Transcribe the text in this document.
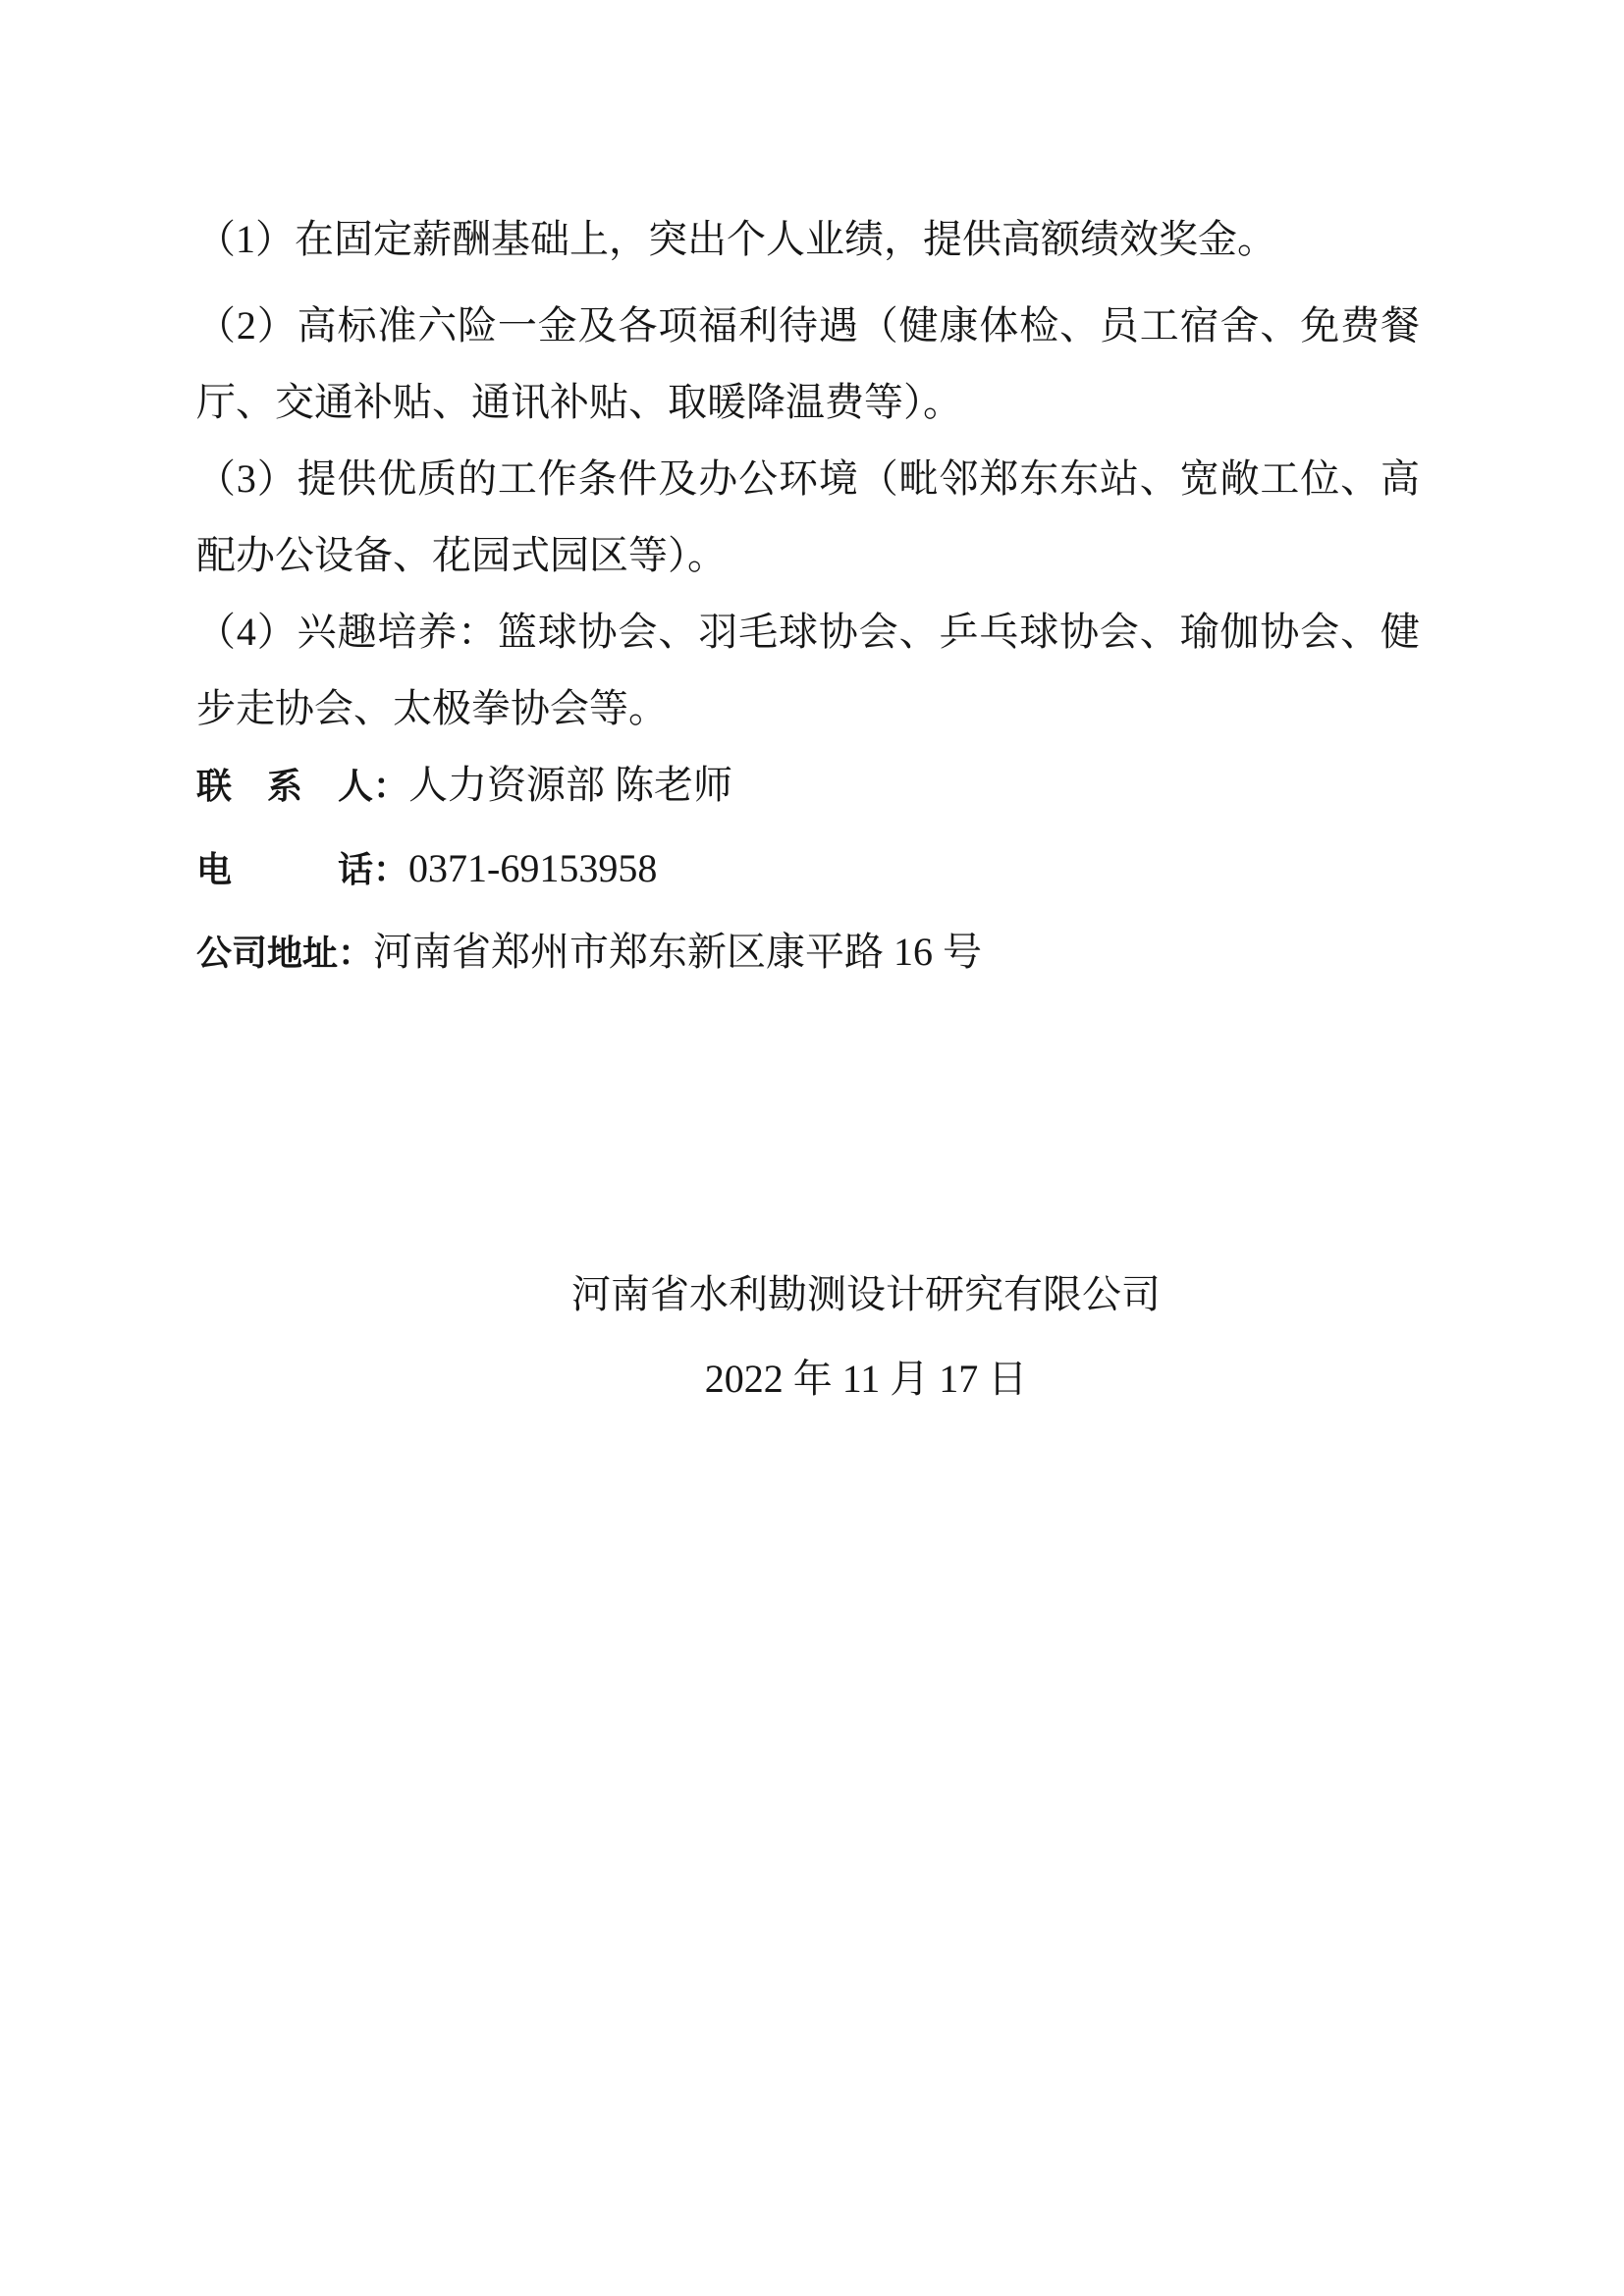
（1）在固定薪酬基础上，突出个人业绩，提供高额绩效奖金。

（2）高标准六险一金及各项福利待遇（健康体检、员工宿舍、免费餐厅、交通补贴、通讯补贴、取暖降温费等）。

（3）提供优质的工作条件及办公环境（毗邻郑东东站、宽敞工位、高配办公设备、花园式园区等）。

（4）兴趣培养：篮球协会、羽毛球协会、乒乓球协会、瑜伽协会、健步走协会、太极拳协会等。

联　系　人：人力资源部 陈老师

电　　　话：0371-69153958

公司地址：河南省郑州市郑东新区康平路 16 号

河南省水利勘测设计研究有限公司

2022 年 11 月 17 日
